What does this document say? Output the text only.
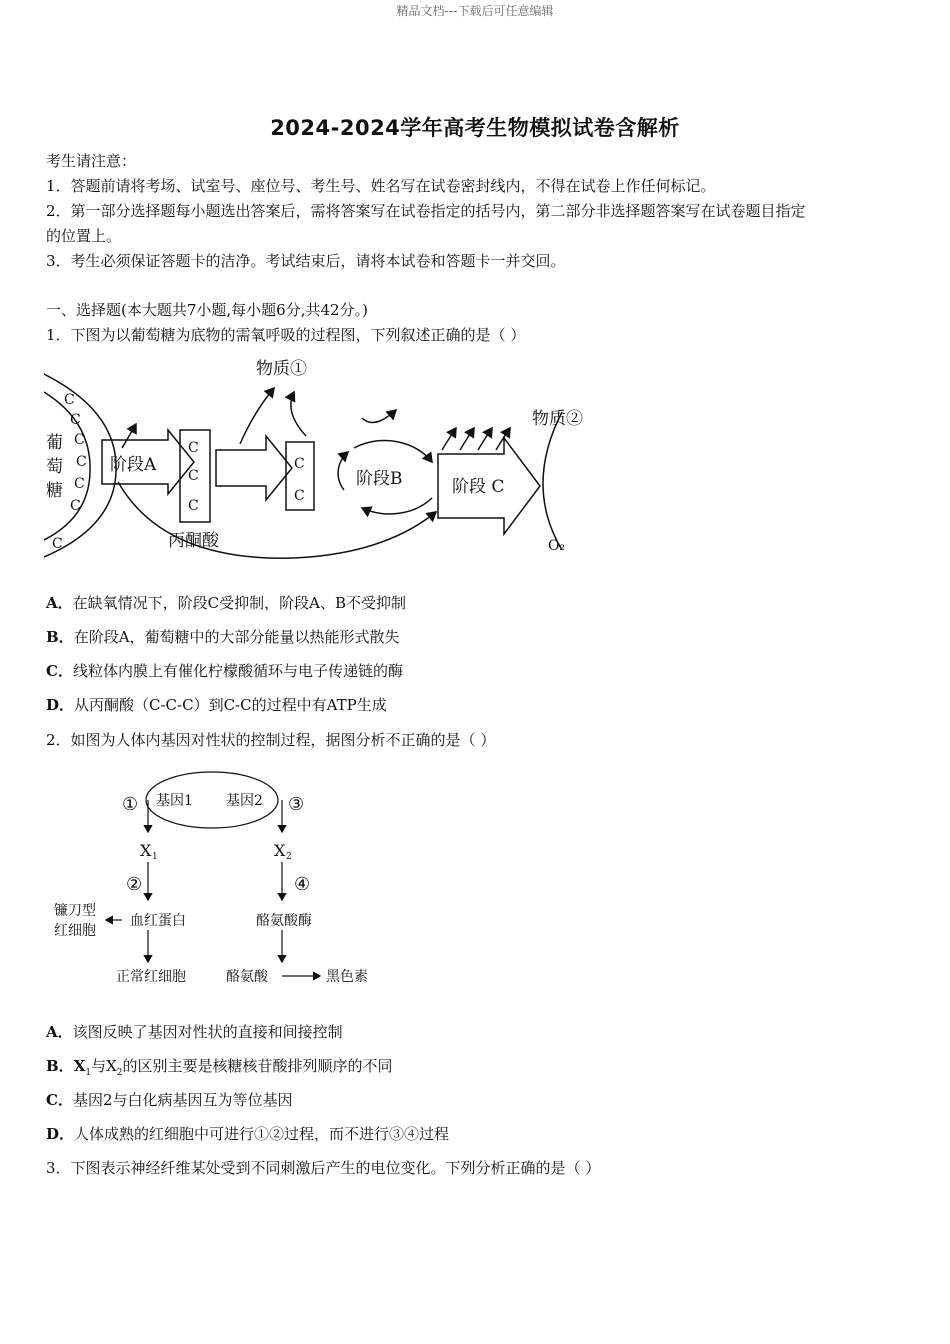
精品文档---下载后可任意编辑
2024-2024学年高考生物模拟试卷含解析
考生请注意：
1．答题前请将考场、试室号、座位号、考生号、姓名写在试卷密封线内，不得在试卷上作任何标记。
2．第一部分选择题每小题选出答案后，需将答案写在试卷指定的括号内，第二部分非选择题答案写在试卷题目指定
的位置上。
3．考生必须保证答题卡的洁净。考试结束后，请将本试卷和答题卡一并交回。
一、选择题(本大题共7小题,每小题6分,共42分。)
1．下图为以葡萄糖为底物的需氧呼吸的过程图，下列叙述正确的是（ ）
C
C
C
C
C
C
C
C
C
C
C
C
葡
萄
糖
阶段A
阶段B	阶段 C
物质①
物质②
丙酮酸	O₂
A．在缺氧情况下，阶段C受抑制，阶段A、B不受抑制
B．在阶段A，葡萄糖中的大部分能量以热能形式散失
C．线粒体内膜上有催化柠檬酸循环与电子传递链的酶
D．从丙酮酸（C-C-C）到C-C的过程中有ATP生成
2．如图为人体内基因对性状的控制过程，据图分析不正确的是（ ）
基因1 基因2
①	③
X 1	X 2
②	④
血红蛋白
镰刀型
红细胞
酪氨酸酶
正常红细胞	酪氨酸	黑色素
A．该图反映了基因对性状的直接和间接控制
B．$X_1$与$X_2$的区别主要是核糖核苷酸排列顺序的不同
C．基因2与白化病基因互为等位基因
D．人体成熟的红细胞中可进行①②过程，而不进行③④过程
3．下图表示神经纤维某处受到不同刺激后产生的电位变化。下列分析正确的是（ ）
